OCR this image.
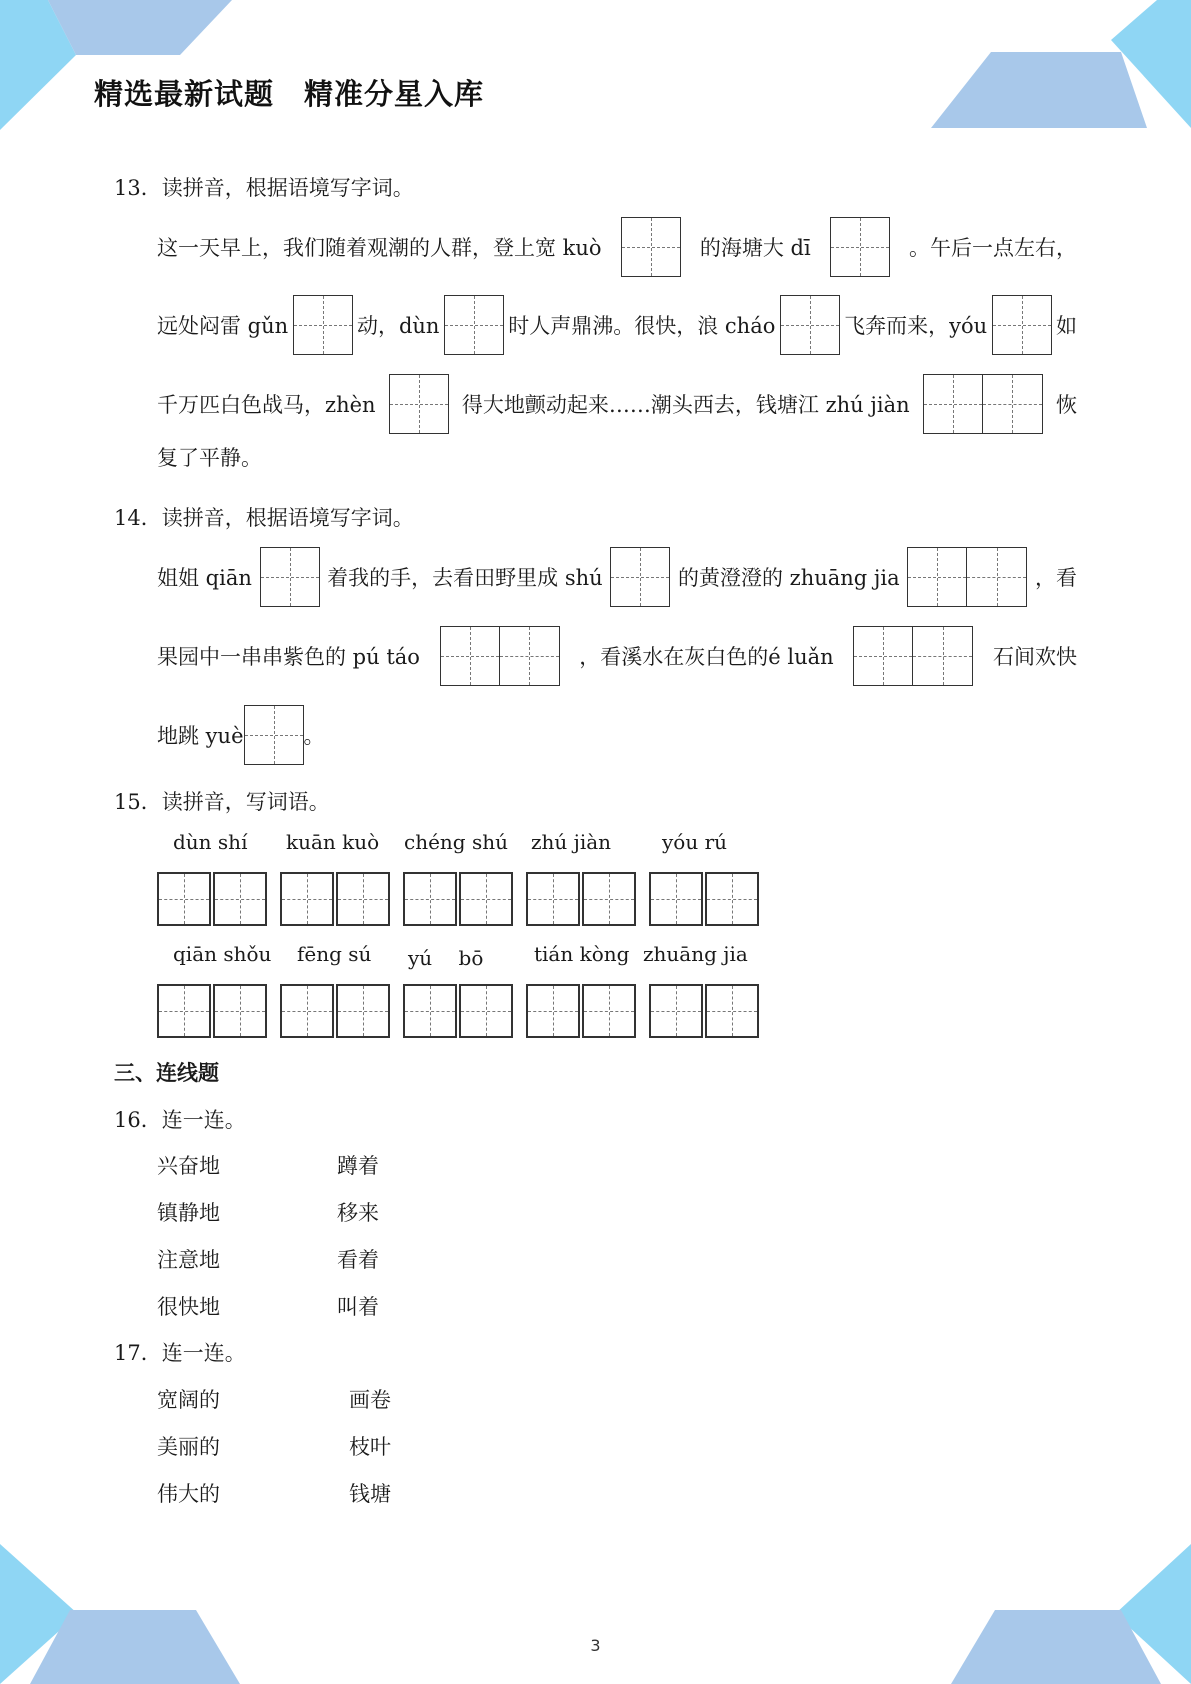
精选最新试题 精准分星入库
13．读拼音，根据语境写字词。
这一天早上，我们随着观潮的人群，登上宽 kuò	的海塘大 dī	。午后一点左右，
远处闷雷 gǔn	动，dùn	时人声鼎沸。很快，浪 cháo	飞奔而来，yóu	如
千万匹白色战马，zhèn	得大地颤动起来……潮头西去，钱塘江 zhú jiàn	恢
复了平静。
14．读拼音，根据语境写字词。
姐姐 qiān	着我的手，去看田野里成 shú	的黄澄澄的 zhuāng jia	，看
果园中一串串紫色的 pú táo	，看溪水在灰白色的é luǎn	石间欢快
地跳 yuè	。
15．读拼音，写词语。
dùn shí kuān kuò chéng shú zhú jiàn	yóu rú
qiān shǒu fēng sú yú　 bō	tián kòng zhuāng jia
三、连线题
16．连一连。
兴奋地
镇静地
注意地
很快地
蹲着
移来
看着
叫着
17．连一连。
宽阔的
美丽的
伟大的
画卷
枝叶
钱塘
3
